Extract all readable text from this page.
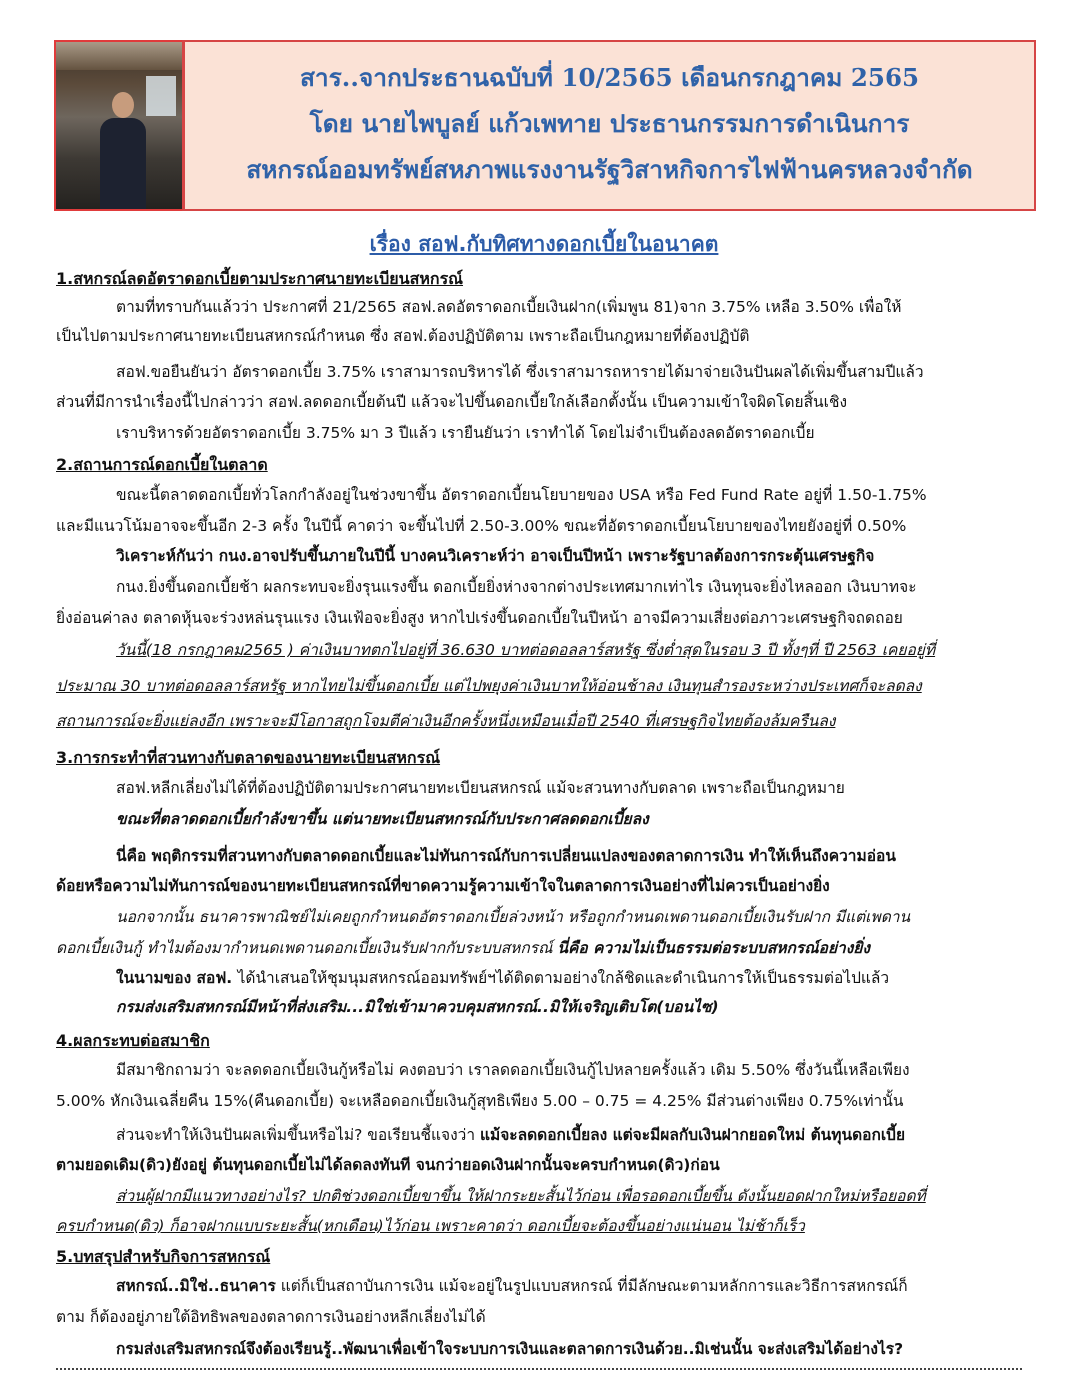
สาร..จากประธานฉบับที่ 10/2565 เดือนกรกฎาคม 2565
โดย นายไพบูลย์ แก้วเพทาย ประธานกรรมการดำเนินการ
สหกรณ์ออมทรัพย์สหภาพแรงงานรัฐวิสาหกิจการไฟฟ้านครหลวงจำกัด
เรื่อง สอฟ.กับทิศทางดอกเบี้ยในอนาคต
1.สหกรณ์ลดอัตราดอกเบี้ยตามประกาศนายทะเบียนสหกรณ์
ตามที่ทราบกันแล้วว่า ประกาศที่ 21/2565 สอฟ.ลดอัตราดอกเบี้ยเงินฝาก(เพิ่มพูน 81)จาก 3.75% เหลือ 3.50% เพื่อให้
เป็นไปตามประกาศนายทะเบียนสหกรณ์กำหนด ซึ่ง สอฟ.ต้องปฏิบัติตาม เพราะถือเป็นกฎหมายที่ต้องปฏิบัติ
สอฟ.ขอยืนยันว่า อัตราดอกเบี้ย 3.75% เราสามารถบริหารได้ ซึ่งเราสามารถหารายได้มาจ่ายเงินปันผลได้เพิ่มขึ้นสามปีแล้ว
ส่วนที่มีการนำเรื่องนี้ไปกล่าวว่า สอฟ.ลดดอกเบี้ยต้นปี แล้วจะไปขึ้นดอกเบี้ยใกล้เลือกตั้งนั้น เป็นความเข้าใจผิดโดยสิ้นเชิง
เราบริหารด้วยอัตราดอกเบี้ย 3.75% มา 3 ปีแล้ว เรายืนยันว่า เราทำได้ โดยไม่จำเป็นต้องลดอัตราดอกเบี้ย
2.สถานการณ์ดอกเบี้ยในตลาด
ขณะนี้ตลาดดอกเบี้ยทั่วโลกกำลังอยู่ในช่วงขาขึ้น อัตราดอกเบี้ยนโยบายของ USA หรือ Fed Fund Rate อยู่ที่ 1.50-1.75%
และมีแนวโน้มอาจจะขึ้นอีก 2-3 ครั้ง ในปีนี้ คาดว่า จะขึ้นไปที่ 2.50-3.00% ขณะที่อัตราดอกเบี้ยนโยบายของไทยยังอยู่ที่ 0.50%
วิเคราะห์กันว่า กนง.อาจปรับขึ้นภายในปีนี้ บางคนวิเคราะห์ว่า อาจเป็นปีหน้า เพราะรัฐบาลต้องการกระตุ้นเศรษฐกิจ
กนง.ยิ่งขึ้นดอกเบี้ยช้า ผลกระทบจะยิ่งรุนแรงขึ้น ดอกเบี้ยยิ่งห่างจากต่างประเทศมากเท่าไร เงินทุนจะยิ่งไหลออก เงินบาทจะ
ยิ่งอ่อนค่าลง ตลาดหุ้นจะร่วงหล่นรุนแรง เงินเฟ้อจะยิ่งสูง หากไปเร่งขึ้นดอกเบี้ยในปีหน้า อาจมีความเสี่ยงต่อภาวะเศรษฐกิจถดถอย
วันนี้(18 กรกฎาคม2565 ) ค่าเงินบาทตกไปอยู่ที่ 36.630 บาทต่อดอลลาร์สหรัฐ ซึ่งต่ำสุดในรอบ 3 ปี ทั้งๆที่ ปี 2563 เคยอยู่ที่
ประมาณ 30 บาทต่อดอลลาร์สหรัฐ หากไทยไม่ขึ้นดอกเบี้ย แต่ไปพยุงค่าเงินบาทให้อ่อนช้าลง เงินทุนสำรองระหว่างประเทศก็จะลดลง
สถานการณ์จะยิ่งแย่ลงอีก เพราะจะมีโอกาสถูกโจมตีค่าเงินอีกครั้งหนึ่งเหมือนเมื่อปี 2540 ที่เศรษฐกิจไทยต้องล้มครืนลง
3.การกระทำที่สวนทางกับตลาดของนายทะเบียนสหกรณ์
สอฟ.หลีกเลี่ยงไม่ได้ที่ต้องปฏิบัติตามประกาศนายทะเบียนสหกรณ์ แม้จะสวนทางกับตลาด เพราะถือเป็นกฎหมาย
ขณะที่ตลาดดอกเบี้ยกำลังขาขึ้น แต่นายทะเบียนสหกรณ์กับประกาศลดดอกเบี้ยลง
นี่คือ พฤติกรรมที่สวนทางกับตลาดดอกเบี้ยและไม่ทันการณ์กับการเปลี่ยนแปลงของตลาดการเงิน ทำให้เห็นถึงความอ่อน
ด้อยหรือความไม่ทันการณ์ของนายทะเบียนสหกรณ์ที่ขาดความรู้ความเข้าใจในตลาดการเงินอย่างที่ไม่ควรเป็นอย่างยิ่ง
นอกจากนั้น ธนาคารพาณิชย์ไม่เคยถูกกำหนดอัตราดอกเบี้ยล่วงหน้า หรือถูกกำหนดเพดานดอกเบี้ยเงินรับฝาก มีแต่เพดาน
ดอกเบี้ยเงินกู้ ทำไมต้องมากำหนดเพดานดอกเบี้ยเงินรับฝากกับระบบสหกรณ์ นี่คือ ความไม่เป็นธรรมต่อระบบสหกรณ์อย่างยิ่ง
ในนามของ สอฟ. ได้นำเสนอให้ชุมนุมสหกรณ์ออมทรัพย์ฯได้ติดตามอย่างใกล้ชิดและดำเนินการให้เป็นธรรมต่อไปแล้ว
กรมส่งเสริมสหกรณ์มีหน้าที่ส่งเสริม...มิใช่เข้ามาควบคุมสหกรณ์..มิให้เจริญเติบโต(บอนไซ)
4.ผลกระทบต่อสมาชิก
มีสมาชิกถามว่า จะลดดอกเบี้ยเงินกู้หรือไม่ คงตอบว่า เราลดดอกเบี้ยเงินกู้ไปหลายครั้งแล้ว เดิม 5.50% ซึ่งวันนี้เหลือเพียง
5.00% หักเงินเฉลี่ยคืน 15%(คืนดอกเบี้ย) จะเหลือดอกเบี้ยเงินกู้สุทธิเพียง 5.00 – 0.75 = 4.25% มีส่วนต่างเพียง 0.75%เท่านั้น
ส่วนจะทำให้เงินปันผลเพิ่มขึ้นหรือไม่? ขอเรียนชี้แจงว่า แม้จะลดดอกเบี้ยลง แต่จะมีผลกับเงินฝากยอดใหม่ ต้นทุนดอกเบี้ย
ตามยอดเดิม(ดิว)ยังอยู่ ต้นทุนดอกเบี้ยไม่ได้ลดลงทันที จนกว่ายอดเงินฝากนั้นจะครบกำหนด(ดิว)ก่อน
ส่วนผู้ฝากมีแนวทางอย่างไร? ปกติช่วงดอกเบี้ยขาขึ้น ให้ฝากระยะสั้นไว้ก่อน เพื่อรอดอกเบี้ยขึ้น ดังนั้นยอดฝากใหม่หรือยอดที่
ครบกำหนด(ดิว) ก็อาจฝากแบบระยะสั้น(หกเดือน)ไว้ก่อน เพราะคาดว่า ดอกเบี้ยจะต้องขึ้นอย่างแน่นอน ไม่ช้าก็เร็ว
5.บทสรุปสำหรับกิจการสหกรณ์
สหกรณ์..มิใช่..ธนาคาร แต่ก็เป็นสถาบันการเงิน แม้จะอยู่ในรูปแบบสหกรณ์ ที่มีลักษณะตามหลักการและวิธีการสหกรณ์ก็
ตาม ก็ต้องอยู่ภายใต้อิทธิพลของตลาดการเงินอย่างหลีกเลี่ยงไม่ได้
กรมส่งเสริมสหกรณ์จึงต้องเรียนรู้..พัฒนาเพื่อเข้าใจระบบการเงินและตลาดการเงินด้วย..มิเช่นนั้น จะส่งเสริมได้อย่างไร?
